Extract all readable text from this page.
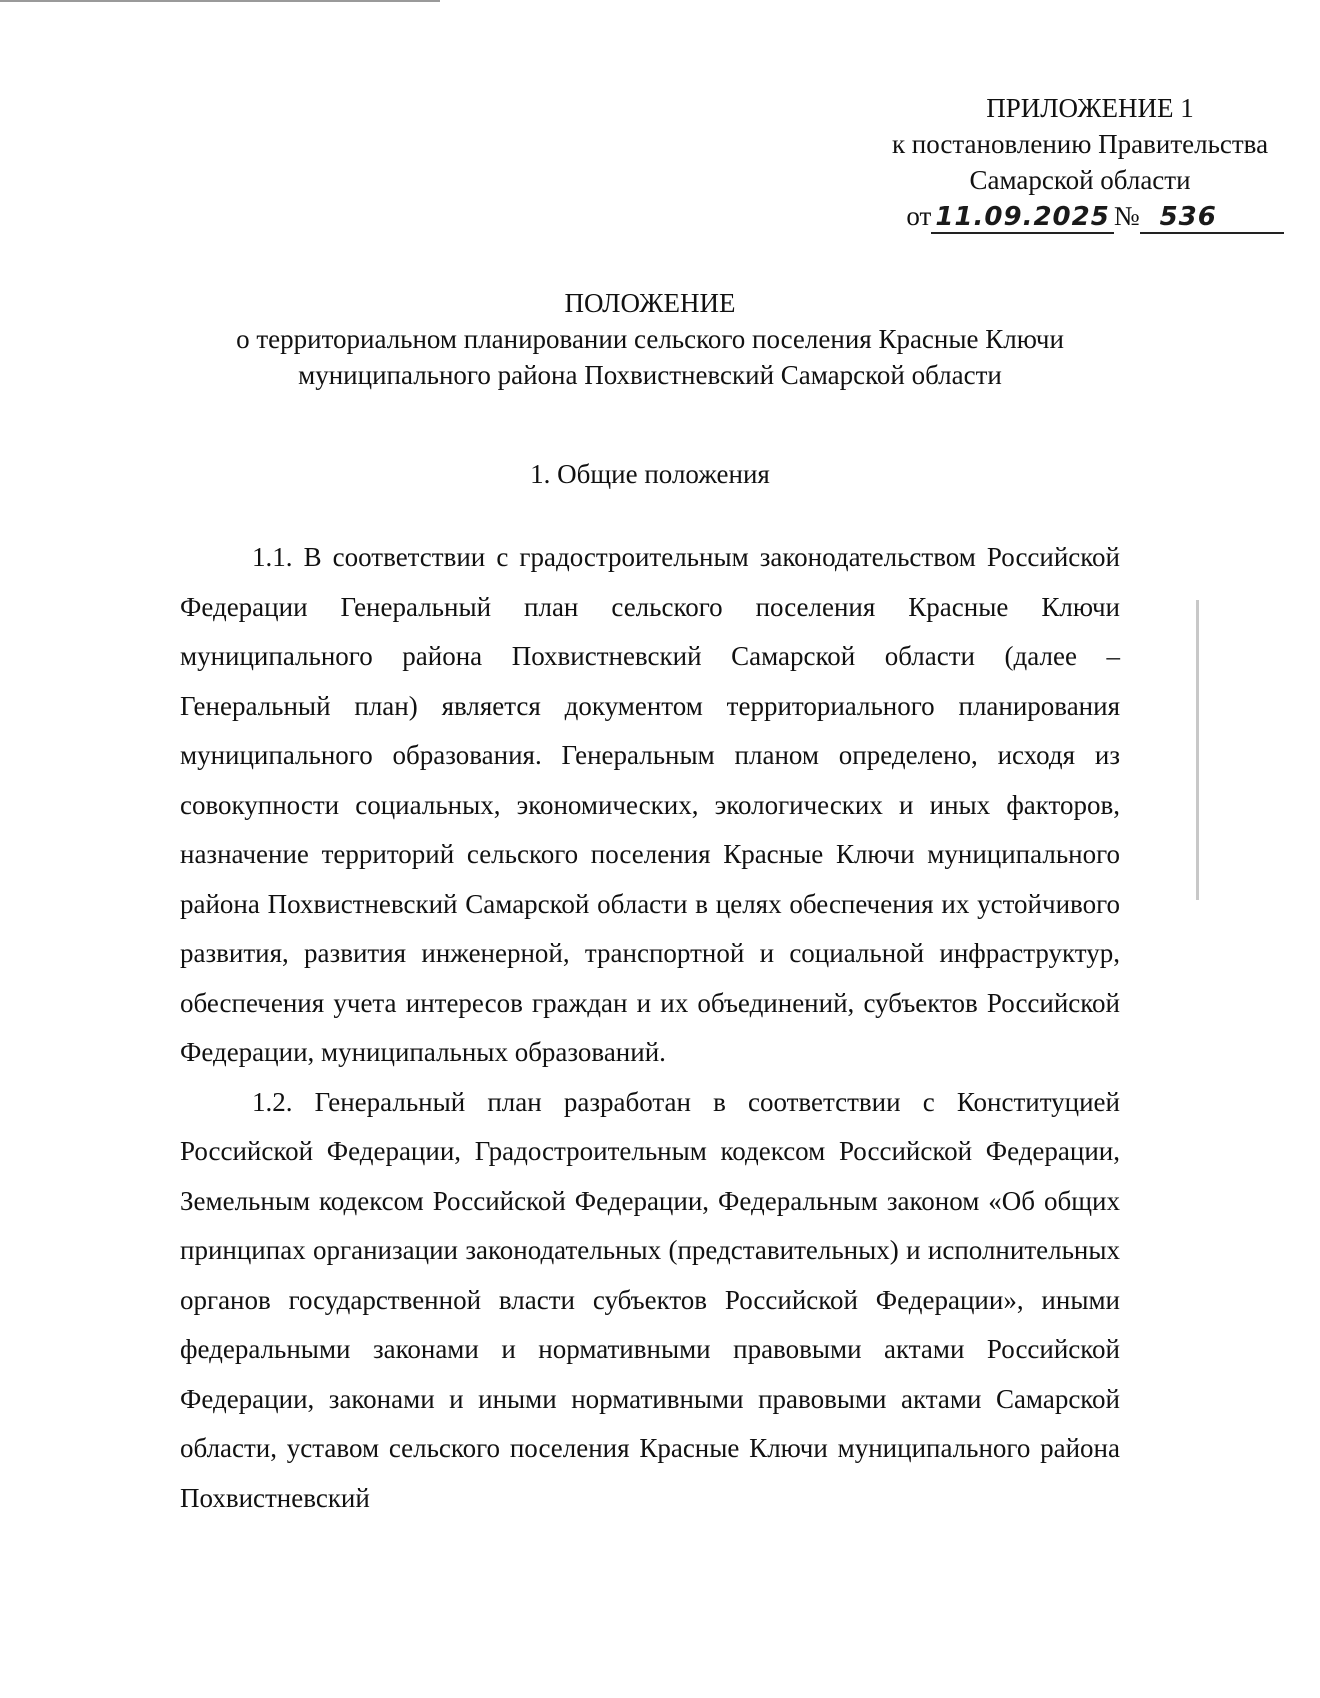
ПРИЛОЖЕНИЕ 1
к постановлению Правительства
Самарской области
от 11.09.2025 № 536
ПОЛОЖЕНИЕ
о территориальном планировании сельского поселения Красные Ключи
муниципального района Похвистневский Самарской области
1. Общие положения

1.1. В соответствии с градостроительным законодательством Российской Федерации Генеральный план сельского поселения Красные Ключи муниципального района Похвистневский Самарской области (далее – Генеральный план) является документом территориального планирования муниципального образования. Генеральным планом определено, исходя из совокупности социальных, экономических, экологических и иных факторов, назначение территорий сельского поселения Красные Ключи муниципального района Похвистневский Самарской области в целях обеспечения их устойчивого развития, развития инженерной, транспортной и социальной инфраструктур, обеспечения учета интересов граждан и их объединений, субъектов Российской Федерации, муниципальных образований.

1.2. Генеральный план разработан в соответствии с Конституцией Российской Федерации, Градостроительным кодексом Российской Федерации, Земельным кодексом Российской Федерации, Федеральным законом «Об общих принципах организации законодательных (представительных) и исполнительных органов государственной власти субъектов Российской Федерации», иными федеральными законами и нормативными правовыми актами Российской Федерации, законами и иными нормативными правовыми актами Самарской области, уставом сельского поселения Красные Ключи муниципального района Похвистневский
